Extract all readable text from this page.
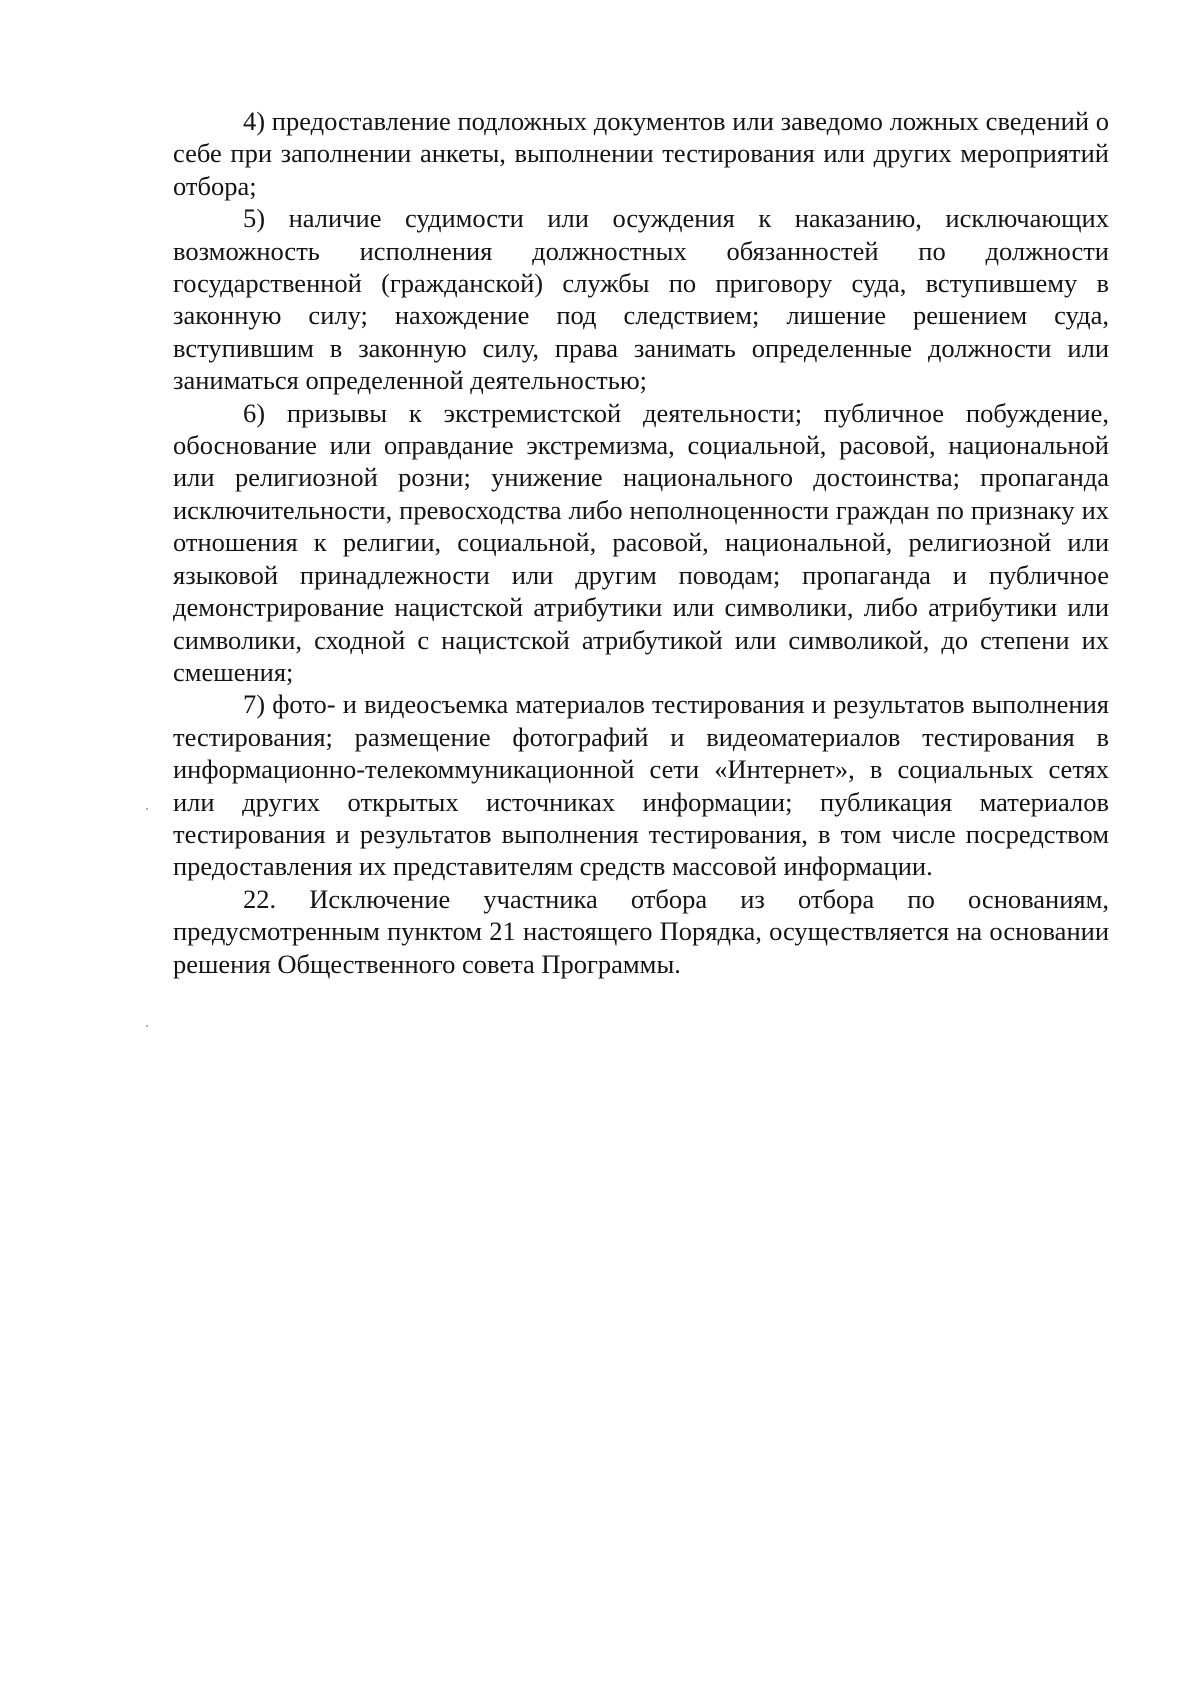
4) предоставление подложных документов или заведомо ложных сведений о себе при заполнении анкеты, выполнении тестирования или других мероприятий отбора;

5) наличие судимости или осуждения к наказанию, исключающих возможность исполнения должностных обязанностей по должности государственной (гражданской) службы по приговору суда, вступившему в законную силу; нахождение под следствием; лишение решением суда, вступившим в законную силу, права занимать определенные должности или заниматься определенной деятельностью;

6) призывы к экстремистской деятельности; публичное побуждение, обоснование или оправдание экстремизма, социальной, расовой, национальной или религиозной розни; унижение национального достоинства; пропаганда исключительности, превосходства либо неполноценности граждан по признаку их отношения к религии, социальной, расовой, национальной, религиозной или языковой принадлежности или другим поводам; пропаганда и публичное демонстрирование нацистской атрибутики или символики, либо атрибутики или символики, сходной с нацистской атрибутикой или символикой, до степени их смешения;

7) фото- и видеосъемка материалов тестирования и результатов выполнения тестирования; размещение фотографий и видеоматериалов тестирования в информационно-телекоммуникационной сети «Интернет», в социальных сетях или других открытых источниках информации; публикация материалов тестирования и результатов выполнения тестирования, в том числе посредством предоставления их представителям средств массовой информации.

22. Исключение участника отбора из отбора по основаниям, предусмотренным пунктом 21 настоящего Порядка, осуществляется на основании решения Общественного совета Программы.
